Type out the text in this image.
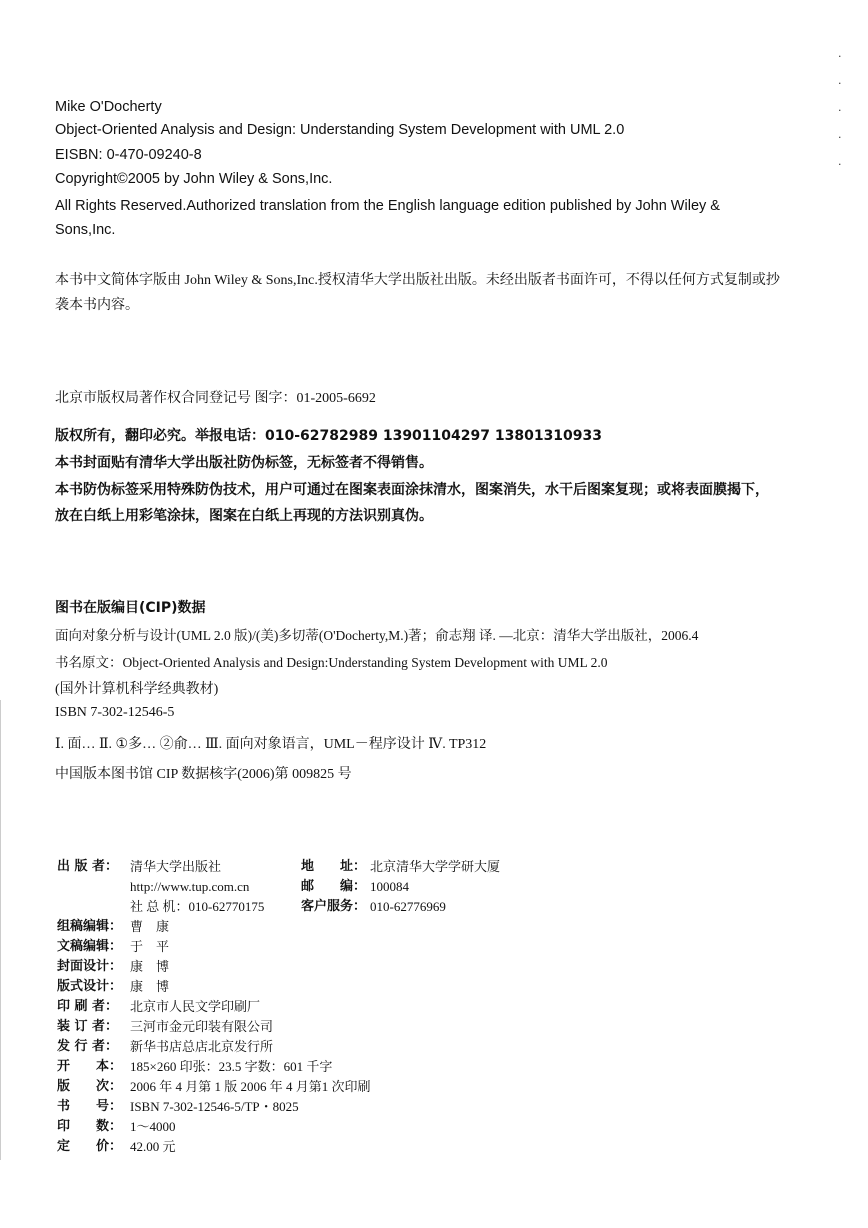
Mike O'Docherty
Object-Oriented Analysis and Design: Understanding System Development with UML 2.0
EISBN: 0-470-09240-8
Copyright©2005 by John Wiley & Sons,Inc.
All Rights Reserved.Authorized translation from the English language edition published by John Wiley & Sons,Inc.
本书中文简体字版由 John Wiley & Sons,Inc.授权清华大学出版社出版。未经出版者书面许可，不得以任何方式复制或抄袭本书内容。
北京市版权局著作权合同登记号 图字：01-2005-6692
版权所有，翻印必究。举报电话：010-62782989 13901104297 13801310933
本书封面贴有清华大学出版社防伪标签，无标签者不得销售。
本书防伪标签采用特殊防伪技术，用户可通过在图案表面涂抹清水，图案消失，水干后图案复现；或将表面膜揭下，放在白纸上用彩笔涂抹，图案在白纸上再现的方法识别真伪。
图书在版编目(CIP)数据
面向对象分析与设计(UML 2.0 版)/(美)多切蒂(O'Docherty,M.)著；俞志翔 译. —北京：清华大学出版社，2006.4
书名原文：Object-Oriented Analysis and Design:Understanding System Development with UML 2.0
(国外计算机科学经典教材)
ISBN 7-302-12546-5
Ⅰ. 面… Ⅱ. ①多… ②俞… Ⅲ. 面向对象语言，UML－程序设计 Ⅳ. TP312
中国版本图书馆 CIP 数据核字(2006)第 009825 号
出 版 者： 清华大学出版社	地　　址： 北京清华大学学研大厦
http://www.tup.com.cn	邮　　编： 100084
社 总 机：010-62770175	客户服务： 010-62776969
组稿编辑： 曹　康
文稿编辑： 于　平
封面设计： 康　博
版式设计： 康　博
印 刷 者： 北京市人民文学印刷厂
装 订 者： 三河市金元印装有限公司
发 行 者： 新华书店总店北京发行所
开　　本： 185×260 印张：23.5 字数：601 千字
版　　次： 2006 年 4 月第 1 版 2006 年 4 月第1 次印刷
书　　号： ISBN 7-302-12546-5/TP・8025
印　　数： 1～4000
定　　价： 42.00 元
·
·
·
·
·
